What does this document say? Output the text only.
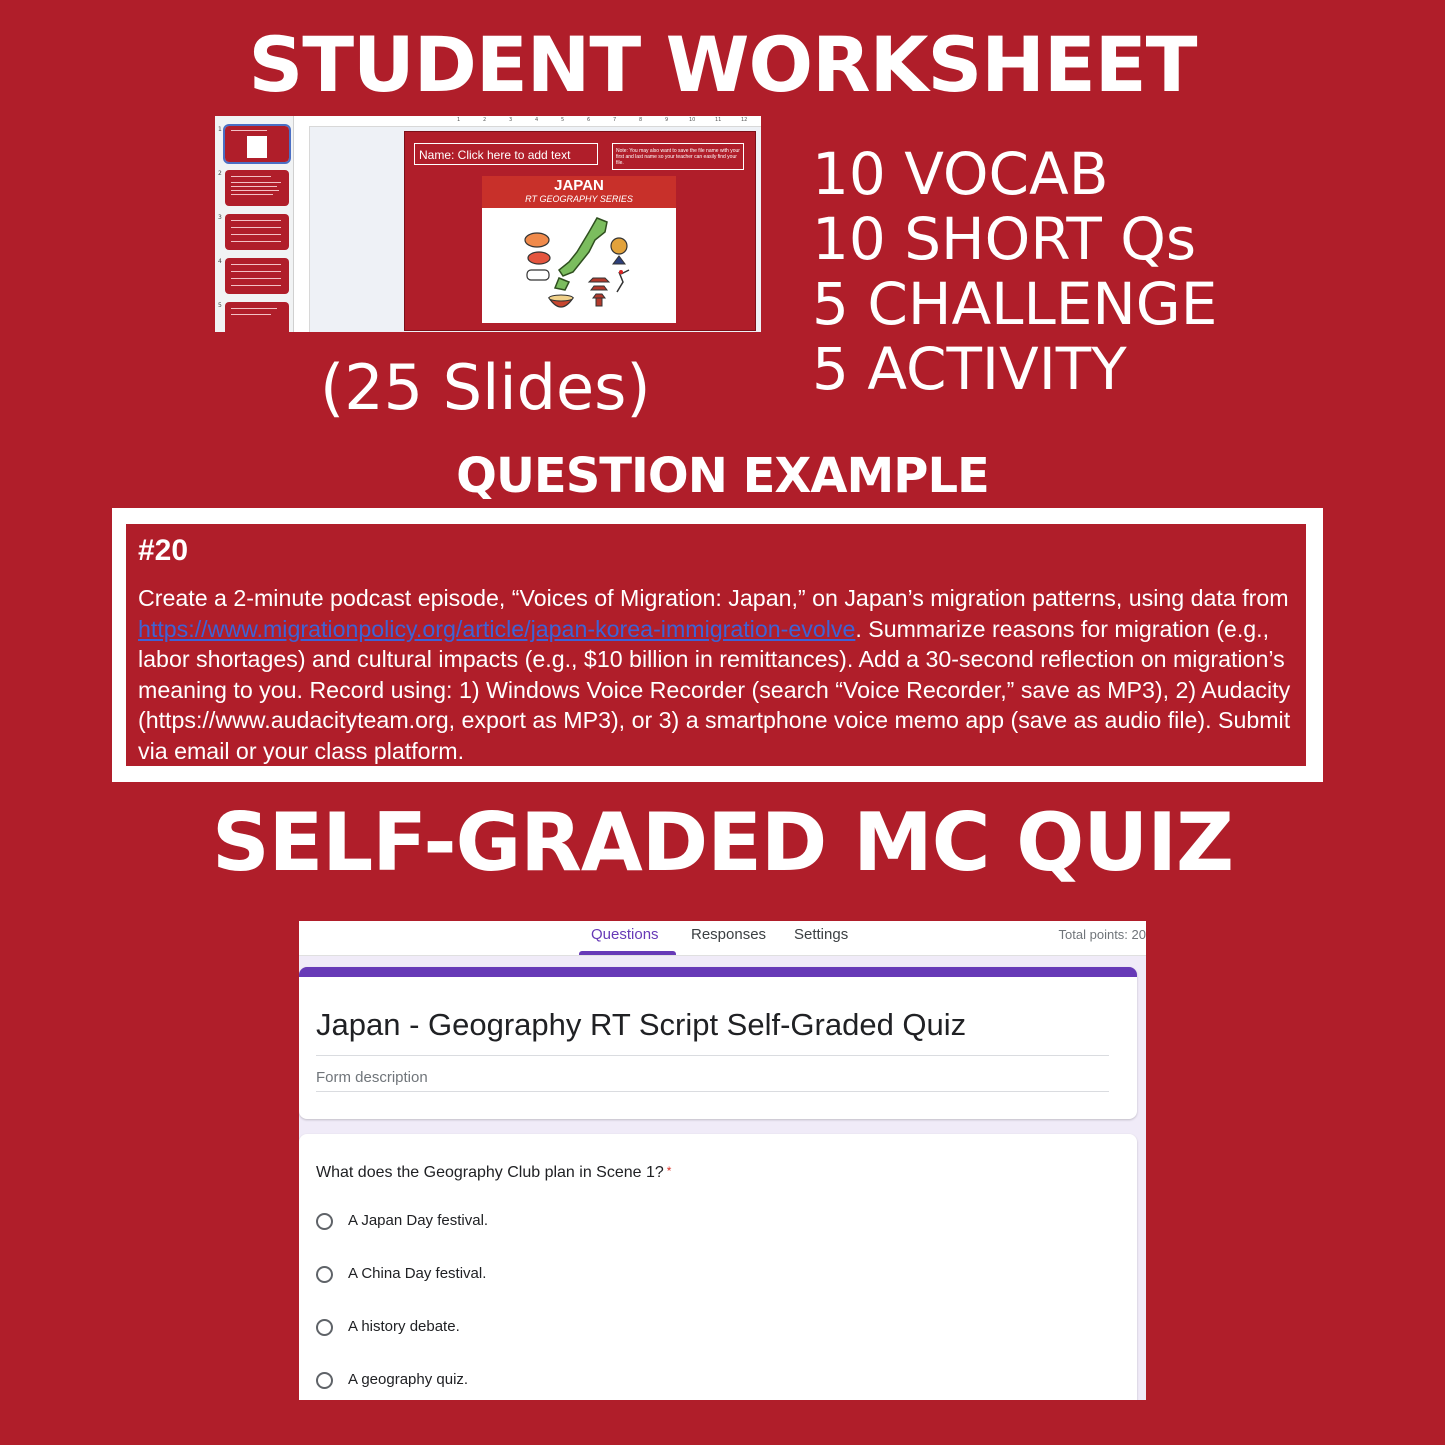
STUDENT WORKSHEET
1
2
3
4
5
1	2	3	4	5	6	7	8	9	10	11	12
Name: Click here to add text	Note: You may also want to save the file name with your first and last name so your teacher can easily find your file.
JAPAN
RT GEOGRAPHY SERIES
(25 Slides)
10 VOCAB
10 SHORT Qs
5 CHALLENGE
5 ACTIVITY
QUESTION EXAMPLE
#20
Create a 2-minute podcast episode, “Voices of Migration: Japan,” on Japan’s migration patterns, using data from https://www.migrationpolicy.org/article/japan-korea-immigration-evolve. Summarize reasons for migration (e.g., labor shortages) and cultural impacts (e.g., $10 billion in remittances). Add a 30-second reflection on migration’s meaning to you. Record using: 1) Windows Voice Recorder (search “Voice Recorder,” save as MP3), 2) Audacity (https://www.audacityteam.org, export as MP3), or 3) a smartphone voice memo app (save as audio file). Submit via email or your class platform.
SELF-GRADED MC QUIZ
Questions Responses Settings	Total points: 20
Japan - Geography RT Script Self-Graded Quiz
Form description
What does the Geography Club plan in Scene 1? *
A Japan Day festival.
A China Day festival.
A history debate.
A geography quiz.
